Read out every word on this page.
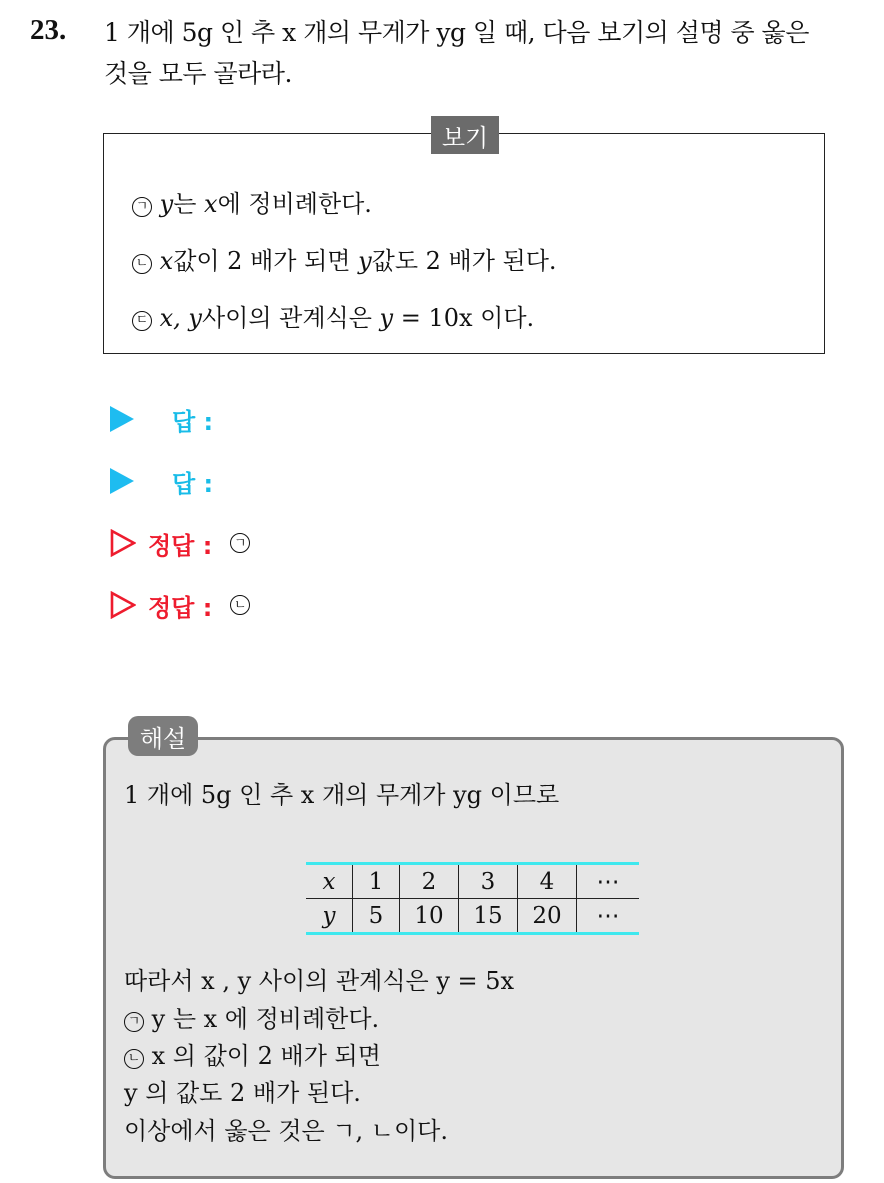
23. 1 개에 5g 인 추 x 개의 무게가 yg 일 때, 다음 보기의 설명 중 옳은
것을 모두 골라라.
보기
ㄱ y는 x에 정비례한다.
ㄴ x값이 2 배가 되면 y값도 2 배가 된다.
ㄷ x, y사이의 관계식은 y = 10x 이다.
답 :
답 :
정답 : ㄱ
정답 : ㄴ
해설
1 개에 5g 인 추 x 개의 무게가 yg 이므로
x	1	2	3	4	⋯
y	5	10	15	20	⋯
따라서 x , y 사이의 관계식은 y = 5x
ㄱ y 는 x 에 정비례한다.
ㄴ x 의 값이 2 배가 되면
y 의 값도 2 배가 된다.
이상에서 옳은 것은 ㄱ, ㄴ이다.
